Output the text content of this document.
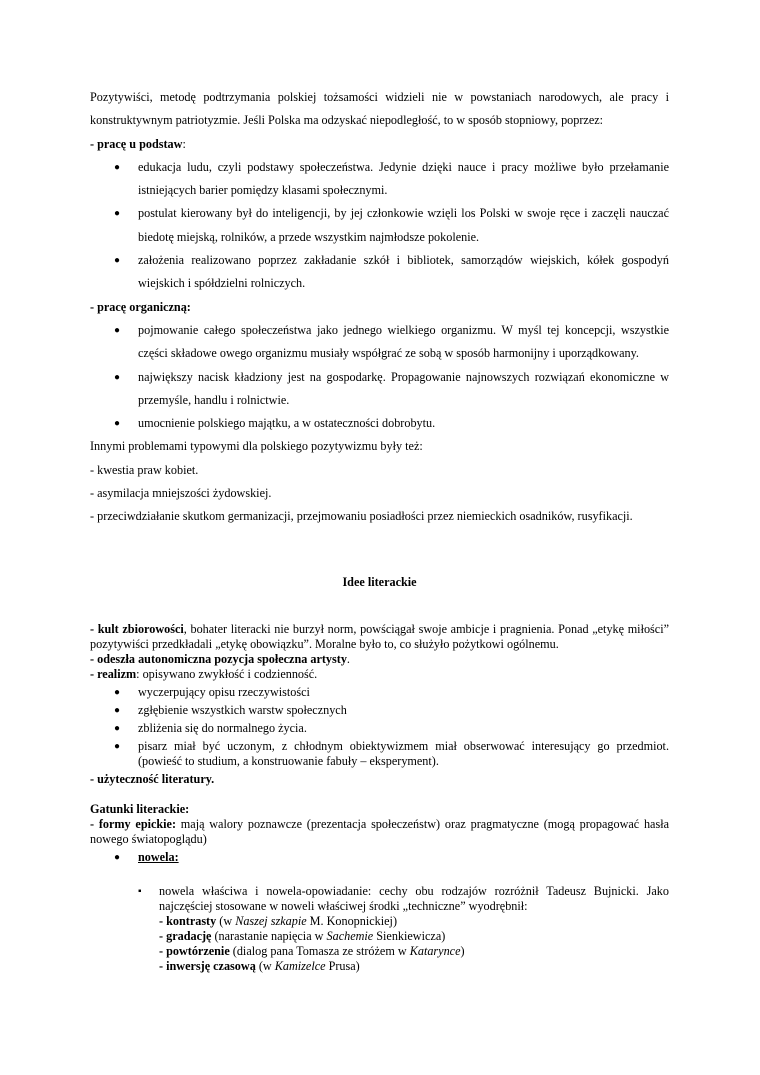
Pozytywiści, metodę podtrzymania polskiej tożsamości widzieli nie w powstaniach narodowych, ale pracy i konstruktywnym patriotyzmie. Jeśli Polska ma odzyskać niepodległość, to w sposób stopniowy, poprzez:
- pracę u podstaw:
● edukacja ludu, czyli podstawy społeczeństwa. Jedynie dzięki nauce i pracy możliwe było przełamanie istniejących barier pomiędzy klasami społecznymi.
● postulat kierowany był do inteligencji, by jej członkowie wzięli los Polski w swoje ręce i zaczęli nauczać biedotę miejską, rolników, a przede wszystkim najmłodsze pokolenie.
● założenia realizowano poprzez zakładanie szkół i bibliotek, samorządów wiejskich, kółek gospodyń wiejskich i spółdzielni rolniczych.
- pracę organiczną:
● pojmowanie całego społeczeństwa jako jednego wielkiego organizmu. W myśl tej koncepcji, wszystkie części składowe owego organizmu musiały współgrać ze sobą w sposób harmonijny i uporządkowany.
● największy nacisk kładziony jest na gospodarkę. Propagowanie najnowszych rozwiązań ekonomiczne w przemyśle, handlu i rolnictwie.
● umocnienie polskiego majątku, a w ostateczności dobrobytu.
Innymi problemami typowymi dla polskiego pozytywizmu były też:
- kwestia praw kobiet.
- asymilacja mniejszości żydowskiej.
- przeciwdziałanie skutkom germanizacji, przejmowaniu posiadłości przez niemieckich osadników, rusyfikacji.
Idee literackie
- kult zbiorowości, bohater literacki nie burzył norm, powściągał swoje ambicje i pragnienia. Ponad „etykę miłości” pozytywiści przedkładali „etykę obowiązku”. Moralne było to, co służyło pożytkowi ogólnemu.
- odeszła autonomiczna pozycja społeczna artysty.
- realizm: opisywano zwykłość i codzienność.
● wyczerpujący opisu rzeczywistości
● zgłębienie wszystkich warstw społecznych
● zbliżenia się do normalnego życia.
● pisarz miał być uczonym, z chłodnym obiektywizmem miał obserwować interesujący go przedmiot. (powieść to studium, a konstruowanie fabuły – eksperyment).
- użyteczność literatury.
Gatunki literackie:
- formy epickie: mają walory poznawcze (prezentacja społeczeństw) oraz pragmatyczne (mogą propagować hasła nowego światopoglądu)
● nowela:
▪ nowela właściwa i nowela-opowiadanie: cechy obu rodzajów rozróżnił Tadeusz Bujnicki. Jako najczęściej stosowane w noweli właściwej środki „techniczne” wyodrębnił:
- kontrasty (w Naszej szkapie M. Konopnickiej)
- gradację (narastanie napięcia w Sachemie Sienkiewicza)
- powtórzenie (dialog pana Tomasza ze stróżem w Katarynce)
- inwersję czasową (w Kamizelce Prusa)
